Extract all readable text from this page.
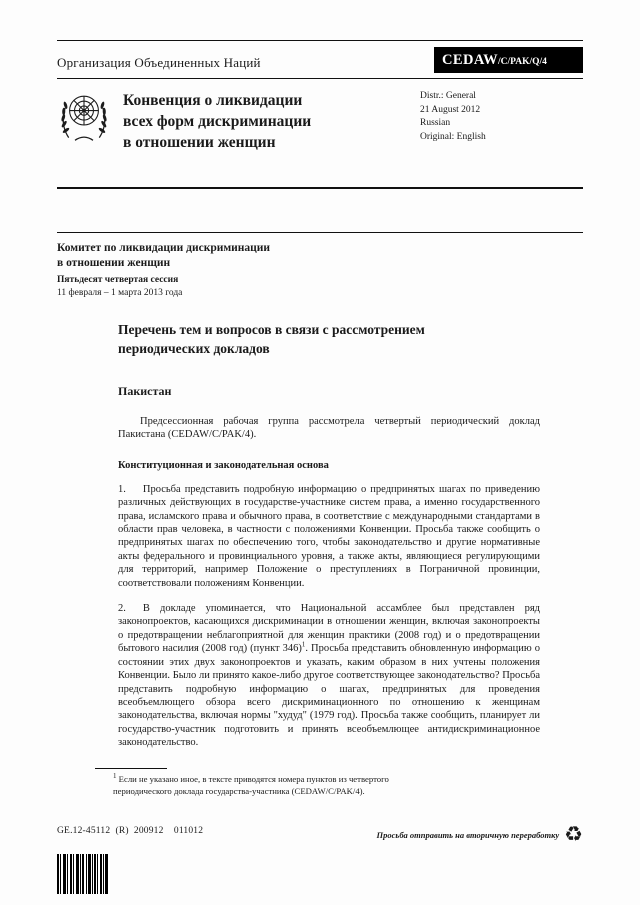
Организация Объединенных Наций	CEDAW/C/PAK/Q/4
Конвенция о ликвидации
всех форм дискриминации
в отношении женщин
Distr.: General
21 August 2012
Russian
Original: English
Комитет по ликвидации дискриминации
в отношении женщин
Пятьдесят четвертая сессия
11 февраля – 1 марта 2013 года
Перечень тем и вопросов в связи с рассмотрением
периодических докладов
Пакистан

Предсессионная рабочая группа рассмотрела четвертый периодический доклад Пакистана (CEDAW/C/PAK/4).

Конституционная и законодательная основа

1. Просьба представить подробную информацию о предпринятых шагах по приведению различных действующих в государстве-участнике систем права, а именно государственного права, исламского права и обычного права, в соответствие с международными стандартами в области прав человека, в частности с положениями Конвенции. Просьба также сообщить о предпринятых шагах по обеспечению того, чтобы законодательство и другие нормативные акты федерального и провинциального уровня, а также акты, являющиеся регулирующими для территорий, например Положение о преступлениях в Пограничной провинции, соответствовали положениям Конвенции.

2. В докладе упоминается, что Национальной ассамблее был представлен ряд законопроектов, касающихся дискриминации в отношении женщин, включая законопроекты о предотвращении неблагоприятной для женщин практики (2008 год) и о предотвращении бытового насилия (2008 год) (пункт 346)$^1$. Просьба представить обновленную информацию о состоянии этих двух законопроектов и указать, каким образом в них учтены положения Конвенции. Было ли принято какое-либо другое соответствующее законодательство? Просьба представить подробную информацию о шагах, предпринятых для проведения всеобъемлющего обзора всего дискриминационного по отношению к женщинам законодательства, включая нормы "худуд" (1979 год). Просьба также сообщить, планирует ли государство-участник подготовить и принять всеобъемлющее антидискриминационное законодательство.

$^1$ Если не указано иное, в тексте приводятся номера пунктов из четвертого периодического доклада государства-участника (CEDAW/C/PAK/4).
GE.12-45112  (R)  200912    011012	Просьба отправить на вторичную переработку ♻
